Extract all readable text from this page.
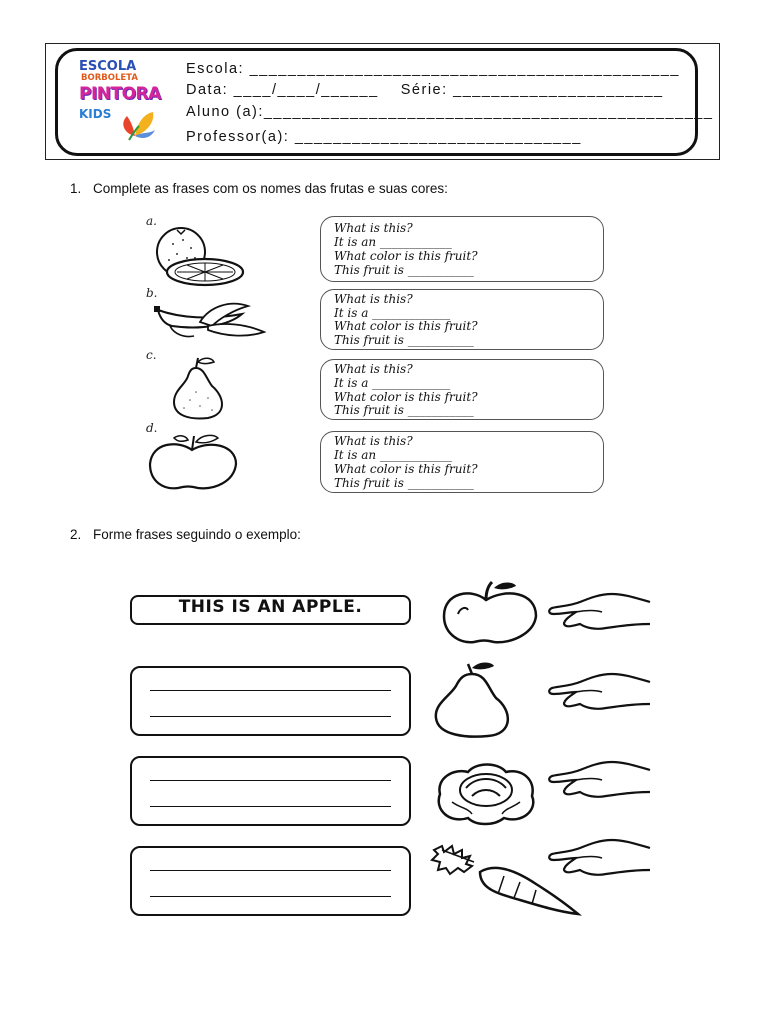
ESCOLA
BORBOLETA
PINTORA
KIDS
Escola: _____________________________________________
Data: ____/____/______    Série: ______________________
Aluno (a):_______________________________________________
Professor(a): ______________________________
1. Complete as frases com os nomes das frutas e suas cores:
a.	What is this?
It is an ____________
What color is this fruit?
This fruit is ___________
b.	What is this?
It is a _____________
What color is this fruit?
This fruit is ___________
c.
What is this?
It is a _____________
What color is this fruit?
This fruit is ___________
d.
What is this?
It is an ____________
What color is this fruit?
This fruit is ___________
2. Forme frases seguindo o exemplo:
THIS IS AN APPLE.
